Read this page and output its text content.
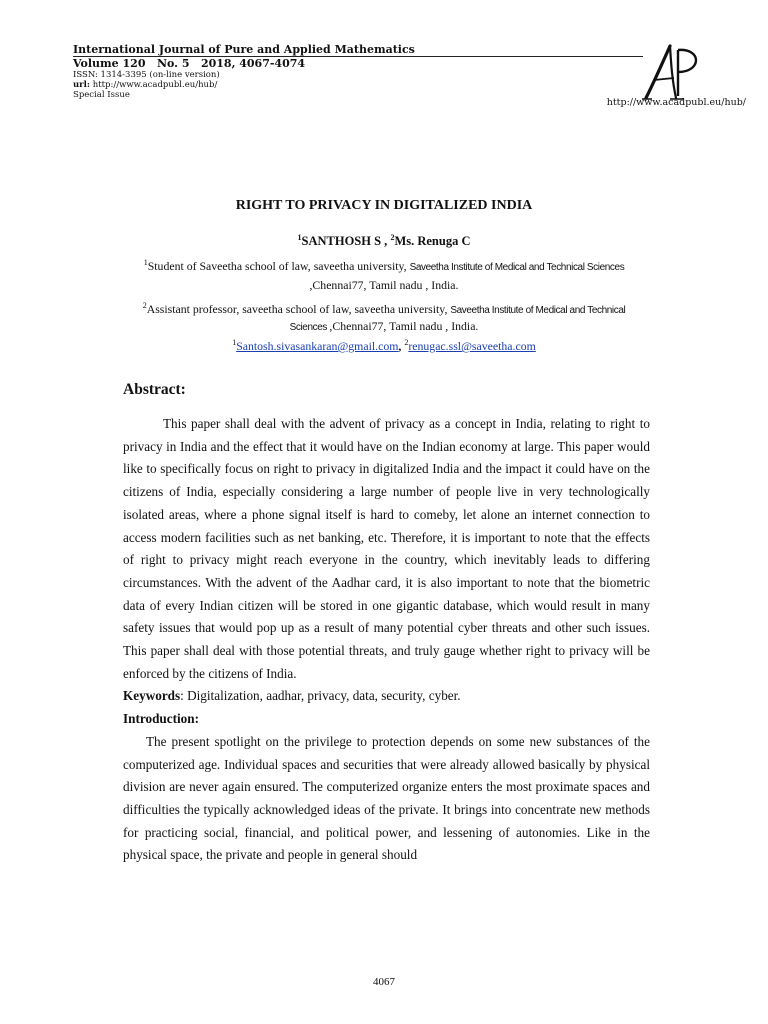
International Journal of Pure and Applied Mathematics
Volume 120   No. 5   2018, 4067-4074
ISSN: 1314-3395 (on-line version)
url: http://www.acadpubl.eu/hub/
Special Issue
http://www.acadpubl.eu/hub/
RIGHT TO PRIVACY IN DIGITALIZED INDIA
$^1$SANTHOSH S , $^2$Ms. Renuga C
$^1$Student of Saveetha school of law, saveetha university, Saveetha Institute of Medical and Technical Sciences
,Chennai77, Tamil nadu , India.
$^2$Assistant professor, saveetha school of law, saveetha university, Saveetha Institute of Medical and Technical
Sciences ,Chennai77, Tamil nadu , India.
$^1$Santosh.sivasankaran@gmail.com, $^2$renugac.ssl@saveetha.com
Abstract:

This paper shall deal with the advent of privacy as a concept in India, relating to right to privacy in India and the effect that it would have on the Indian economy at large. This paper would like to specifically focus on right to privacy in digitalized India and the impact it could have on the citizens of India, especially considering a large number of people live in very technologically isolated areas, where a phone signal itself is hard to comeby, let alone an internet connection to access modern facilities such as net banking, etc. Therefore, it is important to note that the effects of right to privacy might reach everyone in the country, which inevitably leads to differing circumstances. With the advent of the Aadhar card, it is also important to note that the biometric data of every Indian citizen will be stored in one gigantic database, which would result in many safety issues that would pop up as a result of many potential cyber threats and other such issues. This paper shall deal with those potential threats, and truly gauge whether right to privacy will be enforced by the citizens of India.

Keywords: Digitalization, aadhar, privacy, data, security, cyber.

Introduction:

The present spotlight on the privilege to protection depends on some new substances of the computerized age. Individual spaces and securities that were already allowed basically by physical division are never again ensured. The computerized organize enters the most proximate spaces and difficulties the typically acknowledged ideas of the private. It brings into concentrate new methods for practicing social, financial, and political power, and lessening of autonomies. Like in the physical space, the private and people in general should

4067
